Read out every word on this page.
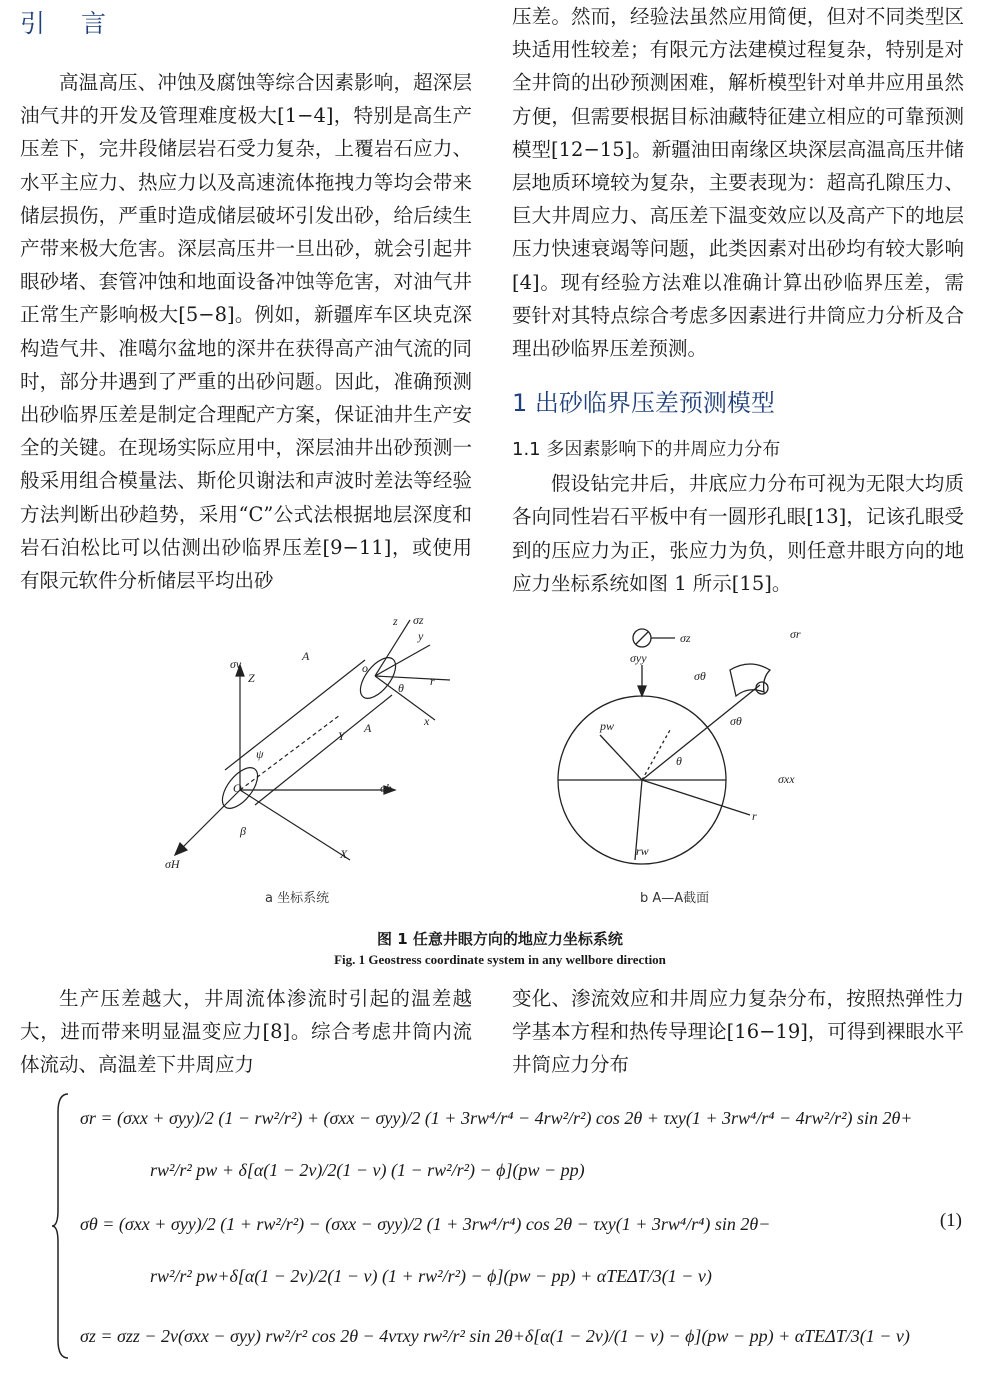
引 言

高温高压、冲蚀及腐蚀等综合因素影响，超深层油气井的开发及管理难度极大[1−4]，特别是高生产压差下，完井段储层岩石受力复杂，上覆岩石应力、水平主应力、热应力以及高速流体拖拽力等均会带来储层损伤，严重时造成储层破坏引发出砂，给后续生产带来极大危害。深层高压井一旦出砂，就会引起井眼砂堵、套管冲蚀和地面设备冲蚀等危害，对油气井正常生产影响极大[5−8]。例如，新疆库车区块克深构造气井、准噶尔盆地的深井在获得高产油气流的同时，部分井遇到了严重的出砂问题。因此，准确预测出砂临界压差是制定合理配产方案，保证油井生产安全的关键。在现场实际应用中，深层油井出砂预测一般采用组合模量法、斯伦贝谢法和声波时差法等经验方法判断出砂趋势，采用“C”公式法根据地层深度和岩石泊松比可以估测出砂临界压差[9−11]，或使用有限元软件分析储层平均出砂

压差。然而，经验法虽然应用简便，但对不同类型区块适用性较差；有限元方法建模过程复杂，特别是对全井筒的出砂预测困难，解析模型针对单井应用虽然方便，但需要根据目标油藏特征建立相应的可靠预测模型[12−15]。新疆油田南缘区块深层高温高压井储层地质环境较为复杂，主要表现为：超高孔隙压力、巨大井周应力、高压差下温变效应以及高产下的地层压力快速衰竭等问题，此类因素对出砂均有较大影响[4]。现有经验方法难以准确计算出砂临界压差，需要针对其特点综合考虑多因素进行井筒应力分析及合理出砂临界压差预测。

1 出砂临界压差预测模型
1.1 多因素影响下的井周应力分布

假设钻完井后，井底应力分布可视为无限大均质各向同性岩石平板中有一圆形孔眼[13]，记该孔眼受到的压应力为正，张应力为负，则任意井眼方向的地应力坐标系统如图 1 所示[15]。

σv
Z
A
o
z σz
y
r
θ
x
A
Y
ψ
O	σh
β
X
σH
σz
σyy
σr
σθ
σθ
pw
θ
σxx
r
rw
a 坐标系统	b A—A截面
图 1 任意井眼方向的地应力坐标系统
Fig. 1 Geostress coordinate system in any wellbore direction

生产压差越大，井周流体渗流时引起的温差越大，进而带来明显温变应力[8]。综合考虑井筒内流体流动、高温差下井周应力

变化、渗流效应和井周应力复杂分布，按照热弹性力学基本方程和热传导理论[16−19]，可得到裸眼水平井筒应力分布

σr = (σxx + σyy)/2 (1 − rw²/r²) + (σxx − σyy)/2 (1 + 3rw⁴/r⁴ − 4rw²/r²) cos 2θ + τxy(1 + 3rw⁴/r⁴ − 4rw²/r²) sin 2θ+
rw²/r² pw + δ[α(1 − 2ν)/2(1 − ν) (1 − rw²/r²) − ϕ](pw − pp)
σθ = (σxx + σyy)/2 (1 + rw²/r²) − (σxx − σyy)/2 (1 + 3rw⁴/r⁴) cos 2θ − τxy(1 + 3rw⁴/r⁴) sin 2θ−
rw²/r² pw+δ[α(1 − 2ν)/2(1 − ν) (1 + rw²/r²) − ϕ](pw − pp) + αTEΔT/3(1 − ν)
σz = σzz − 2ν(σxx − σyy) rw²/r² cos 2θ − 4ντxy rw²/r² sin 2θ+δ[α(1 − 2ν)/(1 − ν) − ϕ](pw − pp) + αTEΔT/3(1 − ν)
(1)
